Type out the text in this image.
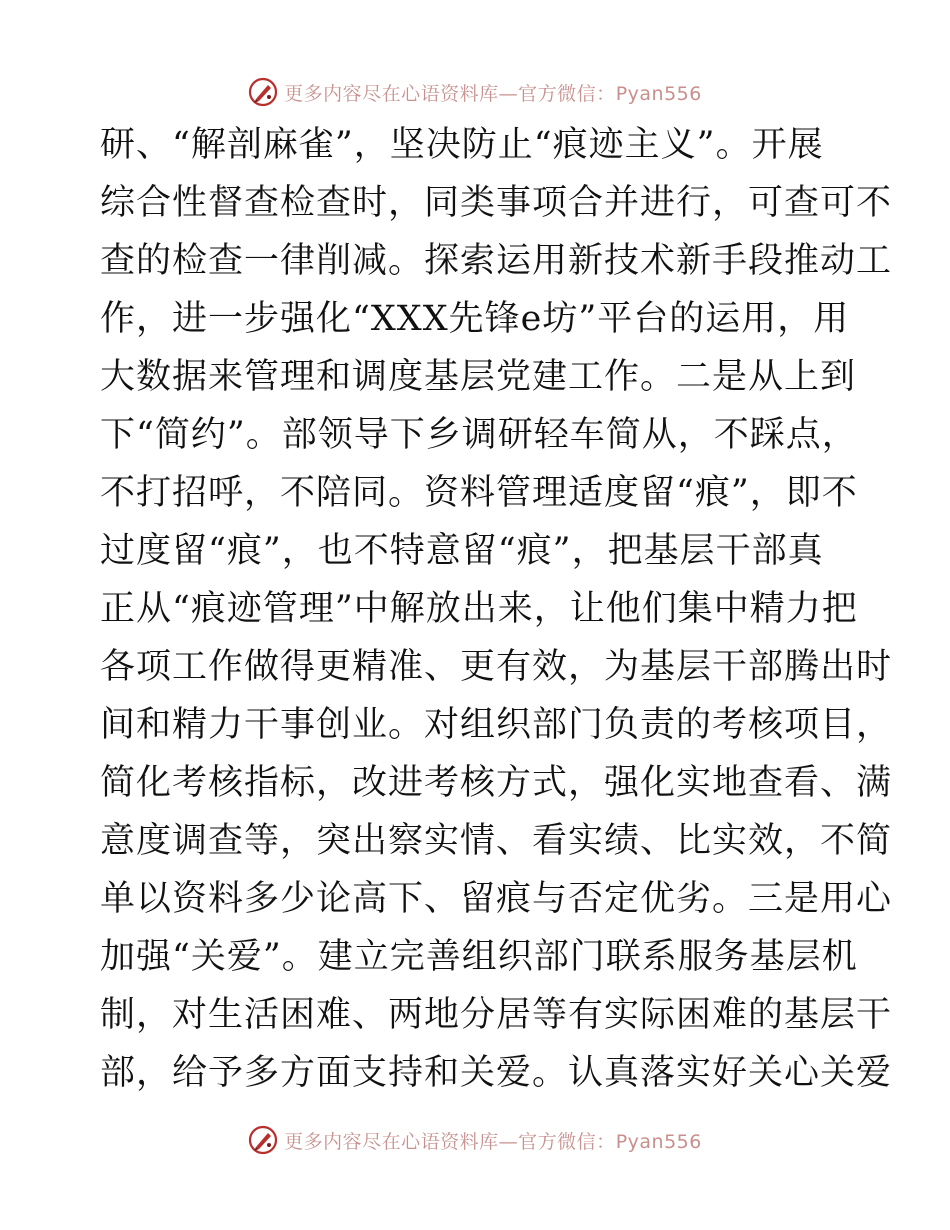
更多内容尽在心语资料库—官方微信：Pyan556
研、“解剖麻雀”，坚决防止“痕迹主义”。开展
综合性督查检查时，同类事项合并进行，可查可不
查的检查一律削减。探索运用新技术新手段推动工
作，进一步强化“XXX先锋e坊”平台的运用，用
大数据来管理和调度基层党建工作。二是从上到
下“简约”。部领导下乡调研轻车简从，不踩点，
不打招呼，不陪同。资料管理适度留“痕”，即不
过度留“痕”，也不特意留“痕”，把基层干部真
正从“痕迹管理”中解放出来，让他们集中精力把
各项工作做得更精准、更有效，为基层干部腾出时
间和精力干事创业。对组织部门负责的考核项目，
简化考核指标，改进考核方式，强化实地查看、满
意度调查等，突出察实情、看实绩、比实效，不简
单以资料多少论高下、留痕与否定优劣。三是用心
加强“关爱”。建立完善组织部门联系服务基层机
制，对生活困难、两地分居等有实际困难的基层干
部，给予多方面支持和关爱。认真落实好关心关爱
更多内容尽在心语资料库—官方微信：Pyan556
